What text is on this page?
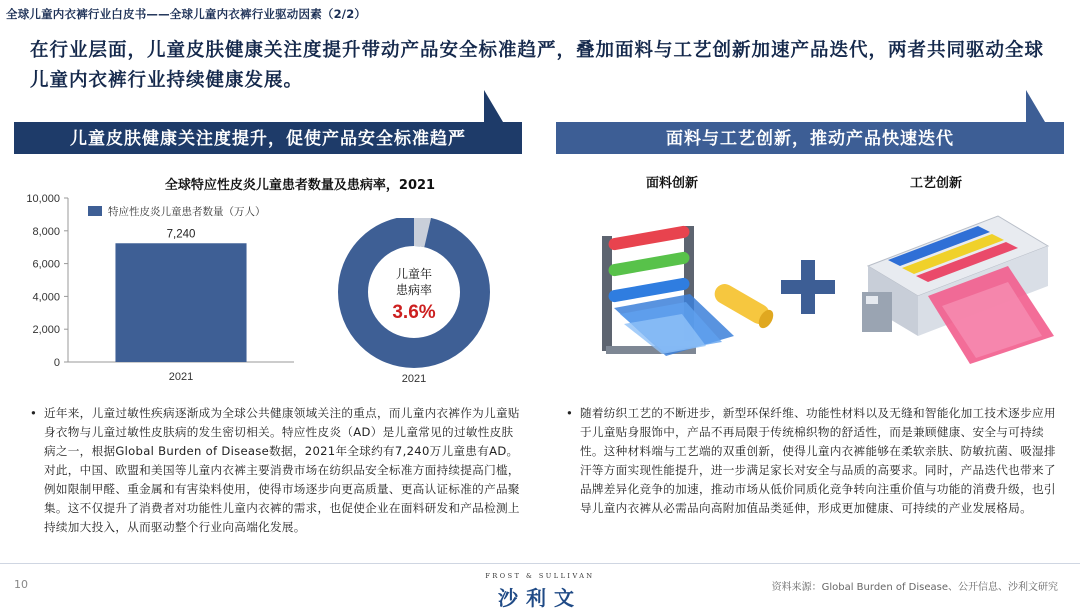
全球儿童内衣裤行业白皮书——全球儿童内衣裤行业驱动因素（2/2）
在行业层面，儿童皮肤健康关注度提升带动产品安全标准趋严，叠加面料与工艺创新加速产品迭代，两者共同驱动全球儿童内衣裤行业持续健康发展。
儿童皮肤健康关注度提升，促使产品安全标准趋严	面料与工艺创新，推动产品快速迭代
全球特应性皮炎儿童患者数量及患病率，2021
0
2,000
4,000
6,000
8,000
10,000
特应性皮炎儿童患者数量（万人）
7,240
2021
儿童年
患病率
3.6%
2021
• 近年来，儿童过敏性疾病逐渐成为全球公共健康领域关注的重点，而儿童内衣裤作为儿童贴身衣物与儿童过敏性皮肤病的发生密切相关。特应性皮炎（AD）是儿童常见的过敏性皮肤病之一，根据Global Burden of Disease数据，2021年全球约有7,240万儿童患有AD。对此，中国、欧盟和美国等儿童内衣裤主要消费市场在纺织品安全标准方面持续提高门槛，例如限制甲醛、重金属和有害染料使用，使得市场逐步向更高质量、更高认证标准的产品聚集。这不仅提升了消费者对功能性儿童内衣裤的需求，也促使企业在面料研发和产品检测上持续加大投入，从而驱动整个行业向高端化发展。
面料创新	工艺创新
• 随着纺织工艺的不断进步，新型环保纤维、功能性材料以及无缝和智能化加工技术逐步应用于儿童贴身服饰中，产品不再局限于传统棉织物的舒适性，而是兼顾健康、安全与可持续性。这种材料端与工艺端的双重创新，使得儿童内衣裤能够在柔软亲肤、防敏抗菌、吸湿排汗等方面实现性能提升，进一步满足家长对安全与品质的高要求。同时，产品迭代也带来了品牌差异化竞争的加速，推动市场从低价同质化竞争转向注重价值与功能的消费升级，也引导儿童内衣裤从必需品向高附加值品类延伸，形成更加健康、可持续的产业发展格局。
10
FROST & SULLIVAN
沙利文	资料来源：Global Burden of Disease、公开信息、沙利文研究
